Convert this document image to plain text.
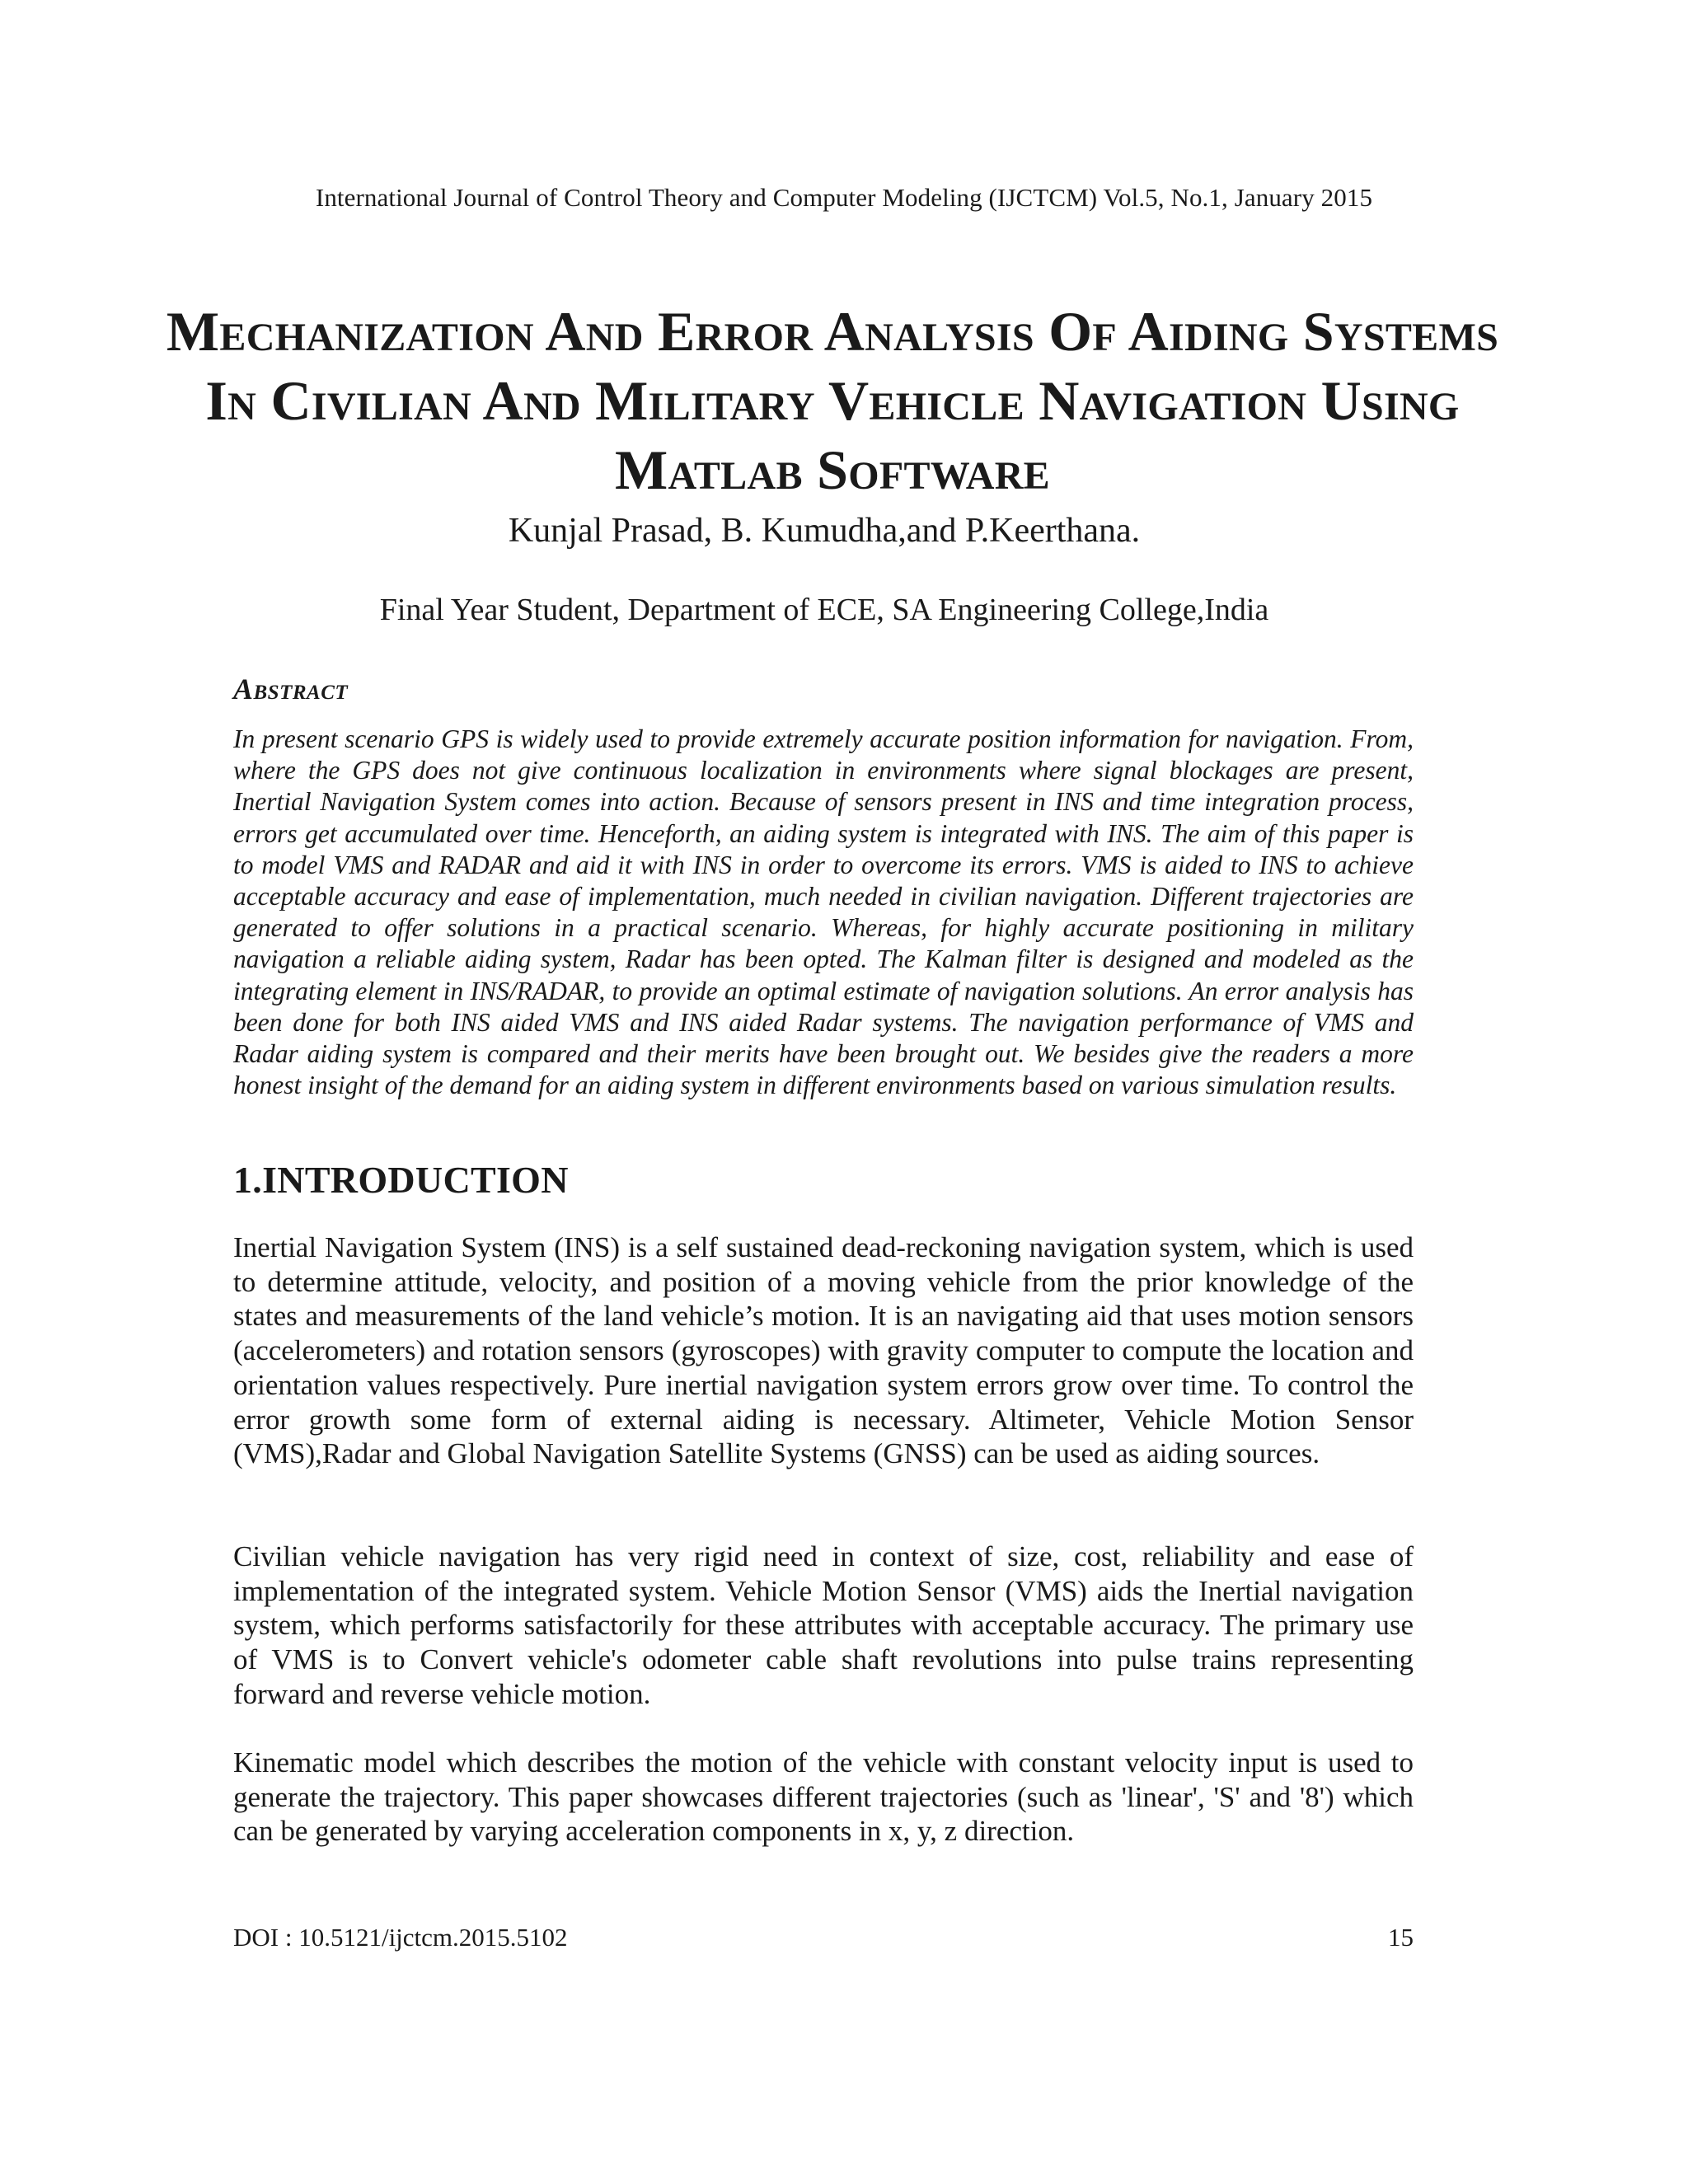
International Journal of Control Theory and Computer Modeling (IJCTCM) Vol.5, No.1, January 2015
Mechanization And Error Analysis Of Aiding Systems In Civilian And Military Vehicle Navigation Using Matlab Software
Kunjal Prasad, B. Kumudha,and P.Keerthana.
Final Year Student, Department of ECE, SA Engineering College,India
Abstract

In present scenario GPS is widely used to provide extremely accurate position information for navigation. From, where the GPS does not give continuous localization in environments where signal blockages are present, Inertial Navigation System comes into action. Because of sensors present in INS and time integration process, errors get accumulated over time. Henceforth, an aiding system is integrated with INS. The aim of this paper is to model VMS and RADAR and aid it with INS in order to overcome its errors. VMS is aided to INS to achieve acceptable accuracy and ease of implementation, much needed in civilian navigation. Different trajectories are generated to offer solutions in a practical scenario. Whereas, for highly accurate positioning in military navigation a reliable aiding system, Radar has been opted. The Kalman filter is designed and modeled as the integrating element in INS/RADAR, to provide an optimal estimate of navigation solutions. An error analysis has been done for both INS aided VMS and INS aided Radar systems. The navigation performance of VMS and Radar aiding system is compared and their merits have been brought out. We besides give the readers a more honest insight of the demand for an aiding system in different environments based on various simulation results.

1.INTRODUCTION

Inertial Navigation System (INS) is a self sustained dead-reckoning navigation system, which is used to determine attitude, velocity, and position of a moving vehicle from the prior knowledge of the states and measurements of the land vehicle’s motion. It is an navigating aid that uses motion sensors (accelerometers) and rotation sensors (gyroscopes) with gravity computer to compute the location and orientation values respectively. Pure inertial navigation system errors grow over time. To control the error growth some form of external aiding is necessary. Altimeter, Vehicle Motion Sensor (VMS),Radar and Global Navigation Satellite Systems (GNSS) can be used as aiding sources.

Civilian vehicle navigation has very rigid need in context of size, cost, reliability and ease of implementation of the integrated system. Vehicle Motion Sensor (VMS) aids the Inertial navigation system, which performs satisfactorily for these attributes with acceptable accuracy. The primary use of VMS is to Convert vehicle's odometer cable shaft revolutions into pulse trains representing forward and reverse vehicle motion.

Kinematic model which describes the motion of the vehicle with constant velocity input is used to generate the trajectory. This paper showcases different trajectories (such as 'linear', 'S' and '8') which can be generated by varying acceleration components in x, y, z direction.

DOI : 10.5121/ijctcm.2015.5102	15
